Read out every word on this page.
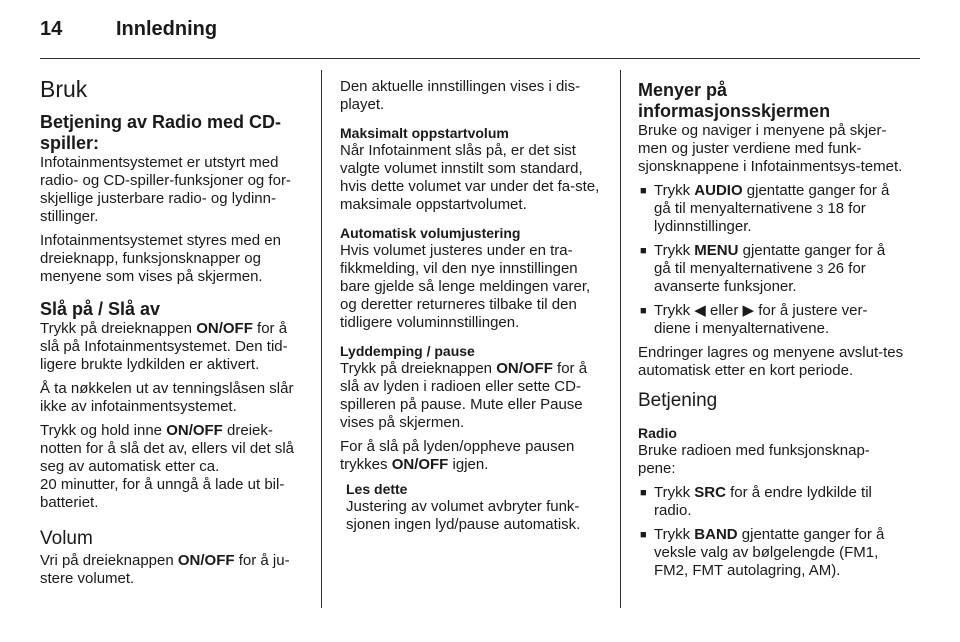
14	Innledning
Bruk
Betjening av Radio med CD-spiller:

Infotainmentsystemet er utstyrt med radio- og CD-spiller-funksjoner og for-skjellige justerbare radio- og lydinn-stillinger.

Infotainmentsystemet styres med en dreieknapp, funksjonsknapper og menyene som vises på skjermen.

Slå på / Slå av

Trykk på dreieknappen ON/OFF for å slå på Infotainmentsystemet. Den tid-ligere brukte lydkilden er aktivert.

Å ta nøkkelen ut av tenningslåsen slår ikke av infotainmentsystemet.

Trykk og hold inne ON/OFF dreiek-notten for å slå det av, ellers vil det slå seg av automatisk etter ca.

20 minutter, for å unngå å lade ut bil-batteriet.

Volum

Vri på dreieknappen ON/OFF for å ju-stere volumet.

Den aktuelle innstillingen vises i dis-playet.

Maksimalt oppstartvolum

Når Infotainment slås på, er det sist valgte volumet innstilt som standard, hvis dette volumet var under det fa-ste, maksimale oppstartvolumet.

Automatisk volumjustering

Hvis volumet justeres under en tra-fikkmelding, vil den nye innstillingen bare gjelde så lenge meldingen varer, og deretter returneres tilbake til den tidligere voluminnstillingen.

Lyddemping / pause

Trykk på dreieknappen ON/OFF for å slå av lyden i radioen eller sette CD-spilleren på pause. Mute eller Pause vises på skjermen.

For å slå på lyden/oppheve pausen trykkes ON/OFF igjen.

Les dette

Justering av volumet avbryter funk-sjonen ingen lyd/pause automatisk.

Menyer på informasjonsskjermen

Bruke og naviger i menyene på skjer-men og juster verdiene med funk-sjonsknappene i Infotainmentsys-temet.

■ Trykk AUDIO gjentatte ganger for å gå til menyalternativene 3 18 for lydinnstillinger.
■ Trykk MENU gjentatte ganger for å gå til menyalternativene 3 26 for avanserte funksjoner.
■ Trykk ◀ eller ▶ for å justere ver-diene i menyalternativene.

Endringer lagres og menyene avslut-tes automatisk etter en kort periode.

Betjening
Radio

Bruke radioen med funksjonsknap-pene:

■ Trykk SRC for å endre lydkilde til radio.
■ Trykk BAND gjentatte ganger for å veksle valg av bølgelengde (FM1, FM2, FMT autolagring, AM).
